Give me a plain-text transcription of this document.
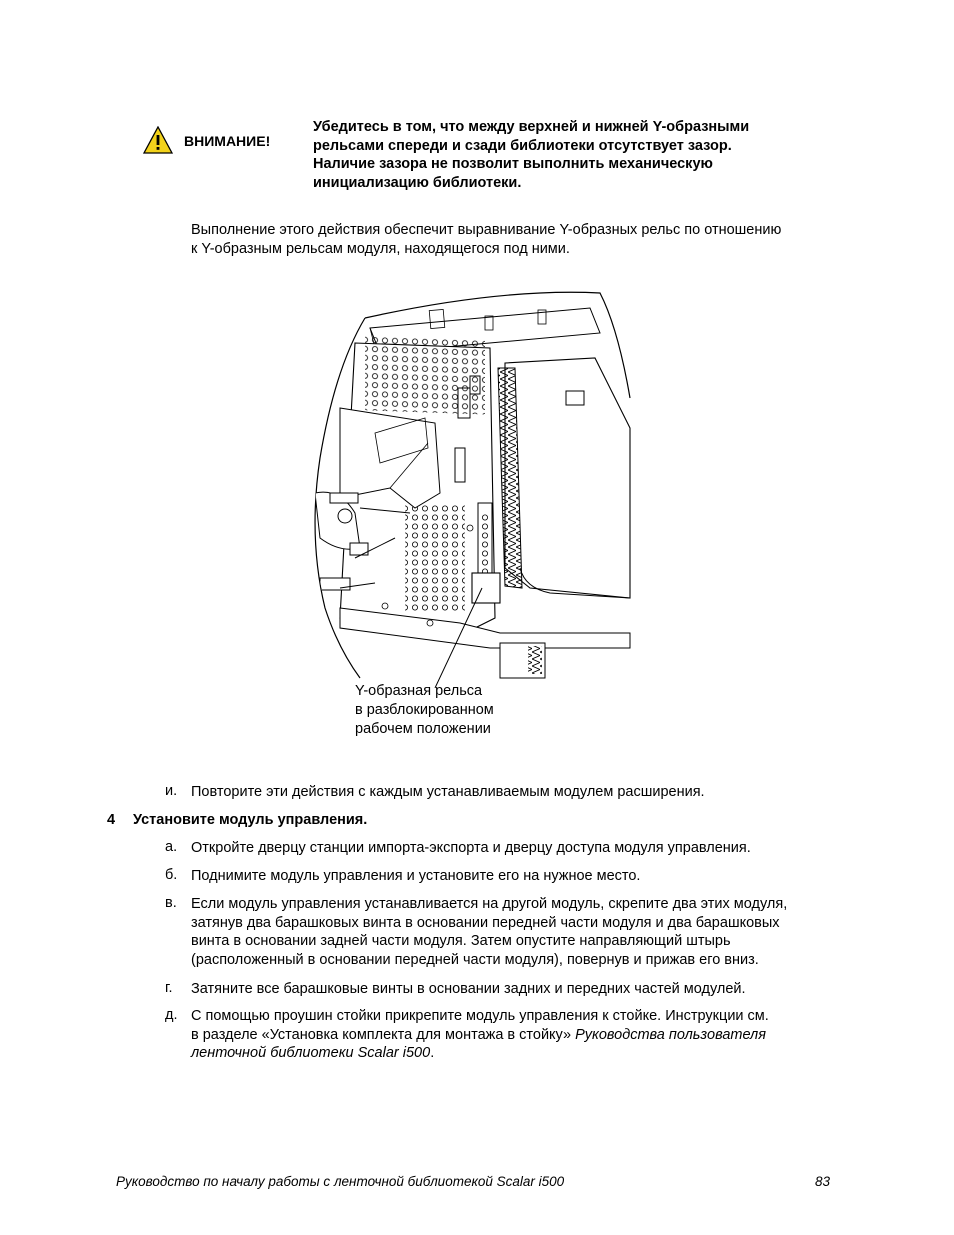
ВНИМАНИЕ!
Убедитесь в том, что между верхней и нижней Y-образными
рельсами спереди и сзади библиотеки отсутствует зазор.
Наличие зазора не позволит выполнить механическую
инициализацию библиотеки.
Выполнение этого действия обеспечит выравнивание Y-образных рельс по отношению
к Y-образным рельсам модуля, находящегося под ними.
Y-образная рельса
в разблокированном
рабочем положении
и. Повторите эти действия с каждым устанавливаемым модулем расширения.
4 Установите модуль управления.
а. Откройте дверцу станции импорта-экспорта и дверцу доступа модуля управления.
б. Поднимите модуль управления и установите его на нужное место.
в. Если модуль управления устанавливается на другой модуль, скрепите два этих модуля,
затянув два барашковых винта в основании передней части модуля и два барашковых
винта в основании задней части модуля. Затем опустите направляющий штырь
(расположенный в основании передней части модуля), повернув и прижав его вниз.
г.	Затяните все барашковые винты в основании задних и передних частей модулей.
д. С помощью проушин стойки прикрепите модуль управления к стойке. Инструкции см.
в разделе «Установка комплекта для монтажа в стойку» Руководства пользователя
ленточной библиотеки Scalar i500.
Руководство по началу работы с ленточной библиотекой Scalar i500	83
